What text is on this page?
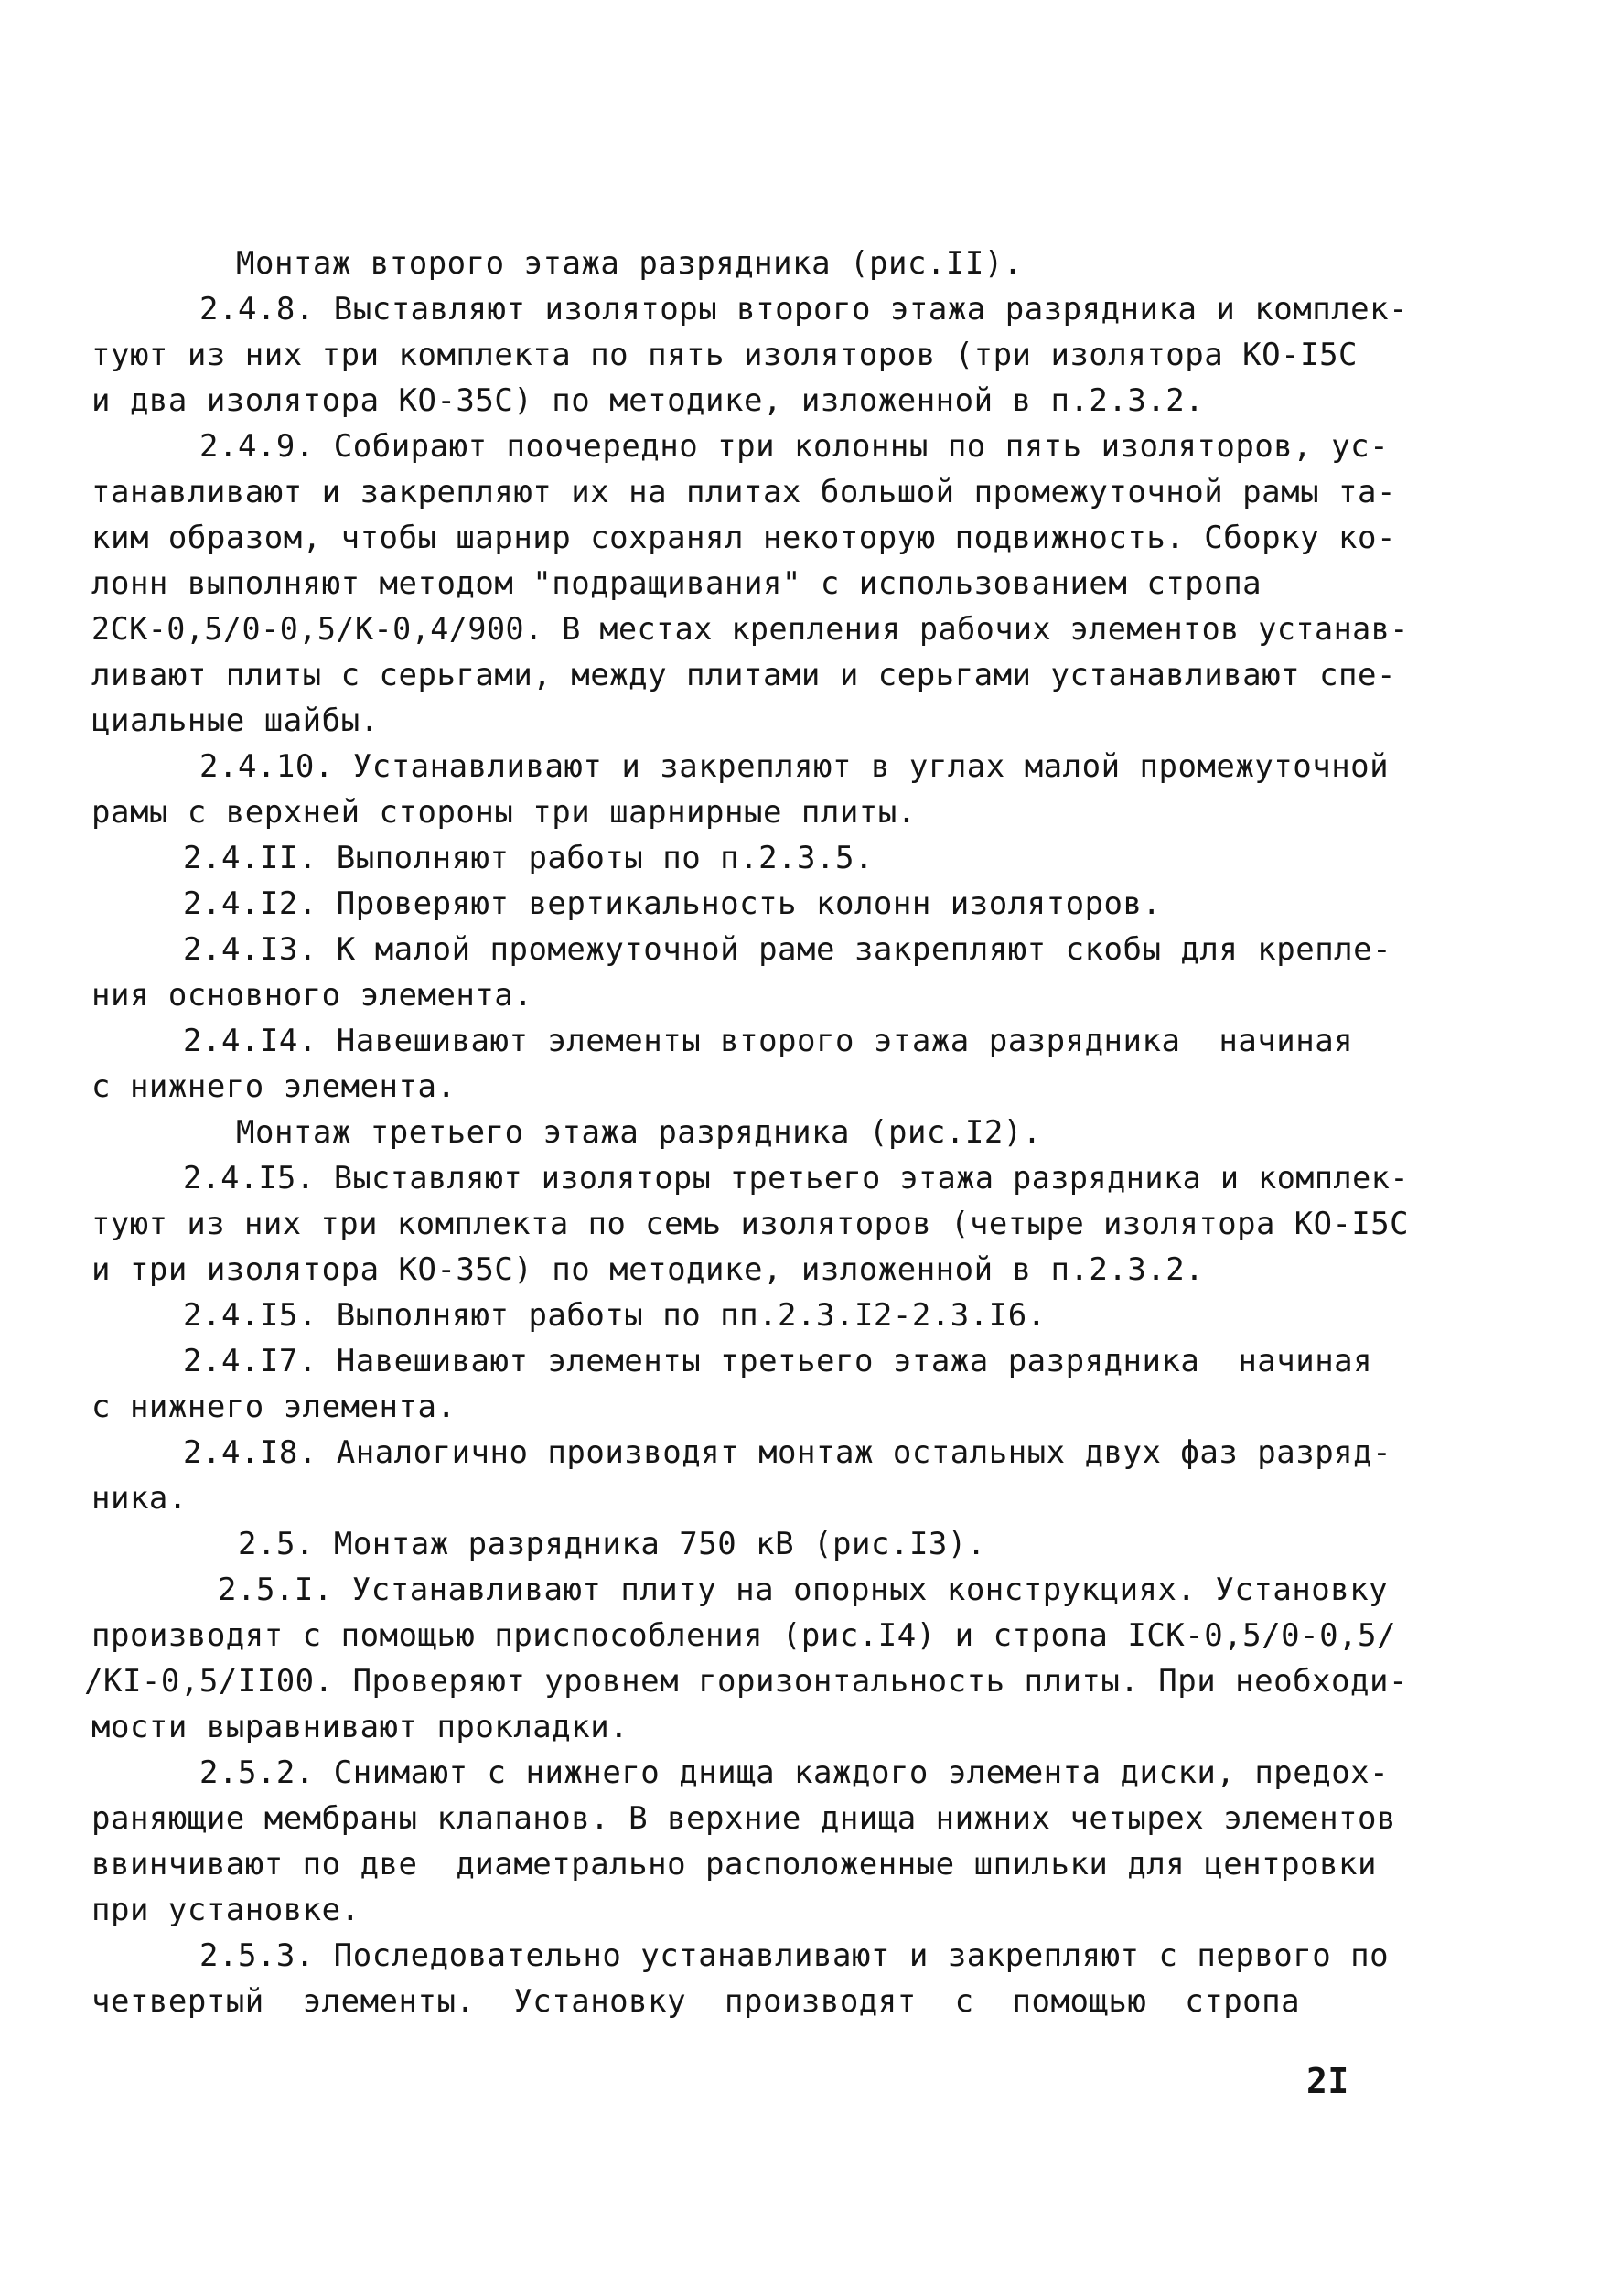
Монтаж второго этажа разрядника (рис.II).
2.4.8. Выставляют изоляторы второго этажа разрядника и комплек-
туют из них три комплекта по пять изоляторов (три изолятора КО-I5С
и два изолятора КО-35С) по методике, изложенной в п.2.3.2.
2.4.9. Собирают поочередно три колонны по пять изоляторов, ус-
танавливают и закрепляют их на плитах большой промежуточной рамы та-
ким образом, чтобы шарнир сохранял некоторую подвижность. Сборку ко-
лонн выполняют методом "подращивания" с использованием стропа
2СК-0,5/0-0,5/К-0,4/900. В местах крепления рабочих элементов устанав-
ливают плиты с серьгами, между плитами и серьгами устанавливают спе-
циальные шайбы.
2.4.10. Устанавливают и закрепляют в углах малой промежуточной
рамы с верхней стороны три шарнирные плиты.
2.4.II. Выполняют работы по п.2.3.5.
2.4.I2. Проверяют вертикальность колонн изоляторов.
2.4.I3. К малой промежуточной раме закрепляют скобы для крепле-
ния основного элемента.
2.4.I4. Навешивают элементы второго этажа разрядника  начиная
с нижнего элемента.
Монтаж третьего этажа разрядника (рис.I2).
2.4.I5. Выставляют изоляторы третьего этажа разрядника и комплек-
туют из них три комплекта по семь изоляторов (четыре изолятора КО-I5С
и три изолятора КО-35С) по методике, изложенной в п.2.3.2.
2.4.I5. Выполняют работы по пп.2.3.I2-2.3.I6.
2.4.I7. Навешивают элементы третьего этажа разрядника  начиная
с нижнего элемента.
2.4.I8. Аналогично производят монтаж остальных двух фаз разряд-
ника.
2.5. Монтаж разрядника 750 кВ (рис.I3).
2.5.I. Устанавливают плиту на опорных конструкциях. Установку
производят с помощью приспособления (рис.I4) и стропа IСК-0,5/0-0,5/
/КI-0,5/II00. Проверяют уровнем горизонтальность плиты. При необходи-
мости выравнивают прокладки.
2.5.2. Снимают с нижнего днища каждого элемента диски, предох-
раняющие мембраны клапанов. В верхние днища нижних четырех элементов
ввинчивают по две  диаметрально расположенные шпильки для центровки
при установке.
2.5.3. Последовательно устанавливают и закрепляют с первого по
четвертый  элементы.  Установку  производят  с  помощью  стропа
2I
